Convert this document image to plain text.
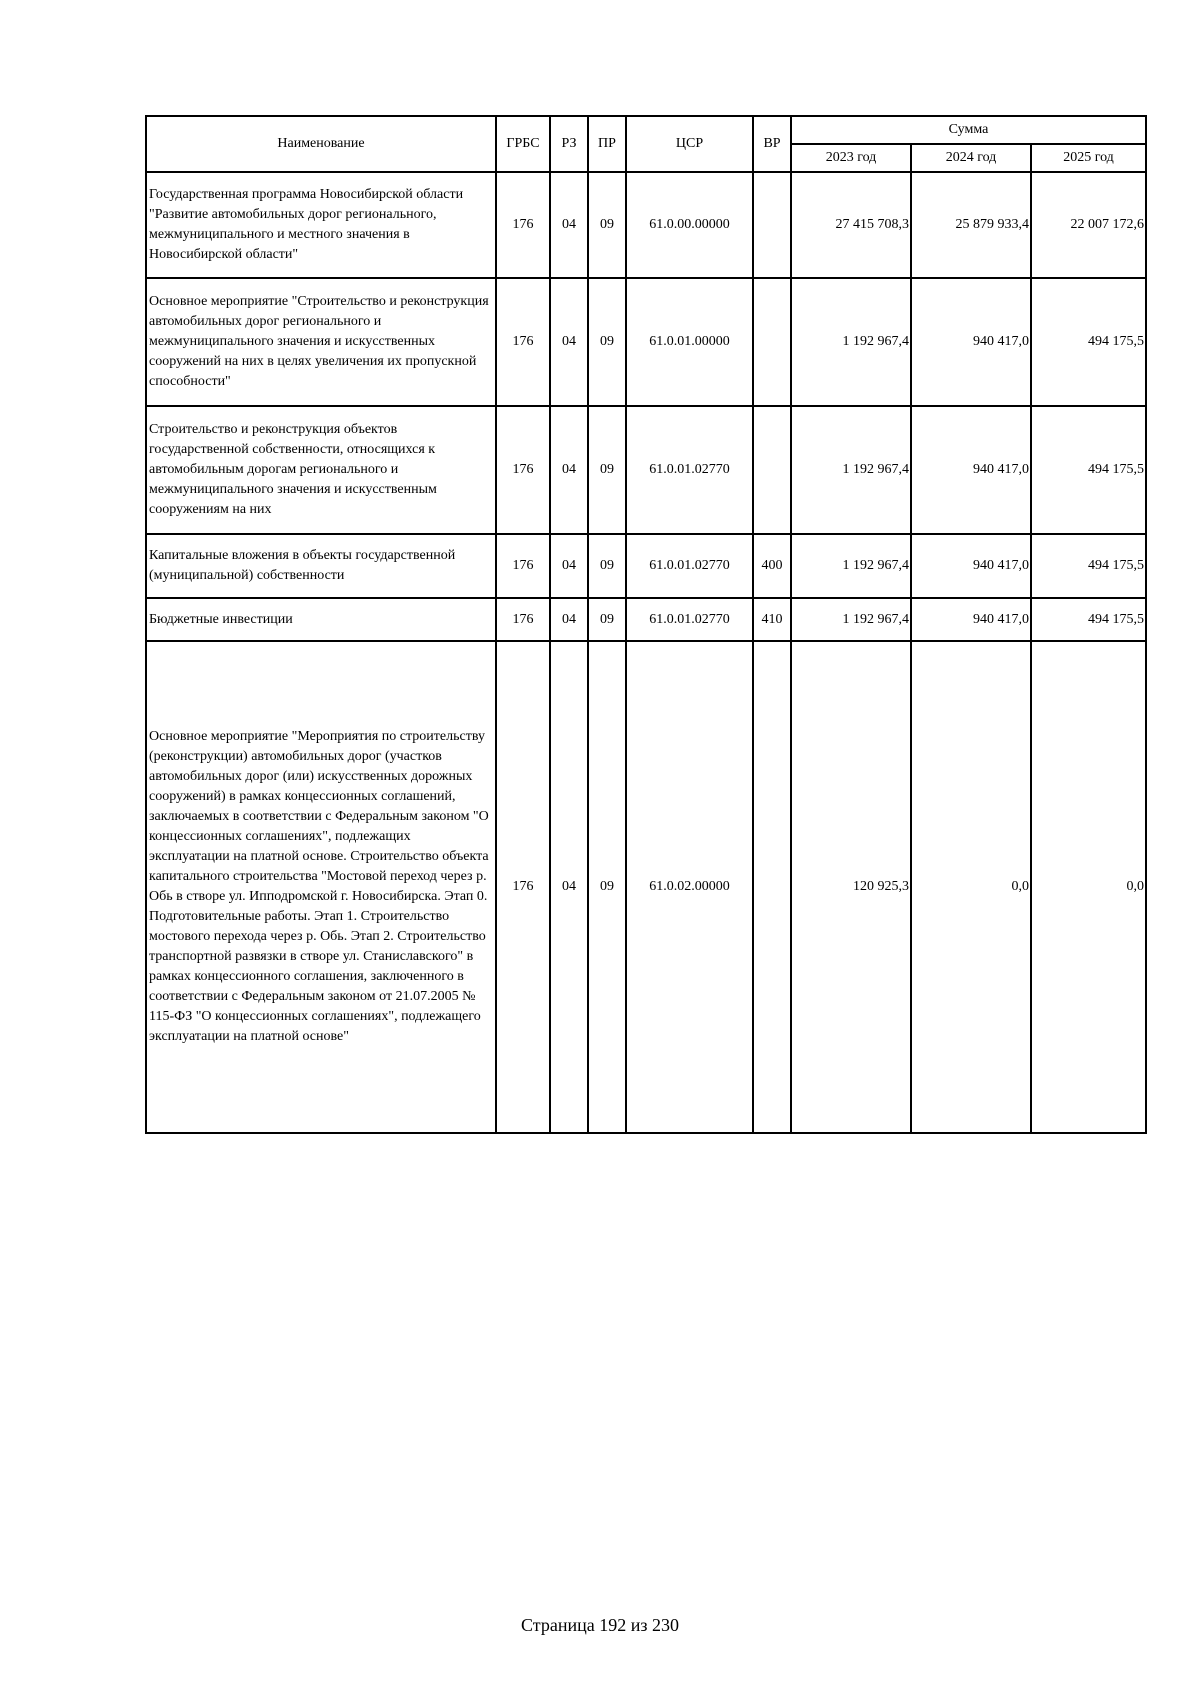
Наименование	ГРБС	РЗ	ПР	ЦСР	ВР	Сумма		
						2023 год	2024 год	2025 год
Государственная программа Новосибирской области "Развитие автомобильных дорог регионального, межмуниципального и местного значения в Новосибирской области"	176	04	09	61.0.00.00000		27 415 708,3	25 879 933,4	22 007 172,6
Основное мероприятие "Строительство и реконструкция автомобильных дорог регионального и межмуниципального значения и искусственных сооружений на них в целях увеличения их пропускной способности"	176	04	09	61.0.01.00000		1 192 967,4	940 417,0	494 175,5
Строительство и реконструкция объектов государственной собственности, относящихся к автомобильным дорогам регионального и межмуниципального значения и искусственным сооружениям на них	176	04	09	61.0.01.02770		1 192 967,4	940 417,0	494 175,5
Капитальные вложения в объекты государственной (муниципальной) собственности	176	04	09	61.0.01.02770	400	1 192 967,4	940 417,0	494 175,5
Бюджетные инвестиции	176	04	09	61.0.01.02770	410	1 192 967,4	940 417,0	494 175,5
Основное мероприятие "Мероприятия по строительству (реконструкции) автомобильных дорог (участков автомобильных дорог (или) искусственных дорожных сооружений) в рамках концессионных соглашений, заключаемых в соответствии с Федеральным законом "О концессионных соглашениях", подлежащих эксплуатации на платной основе. Строительство объекта капитального строительства "Мостовой переход через р. Обь в створе ул. Ипподромской г. Новосибирска. Этап 0. Подготовительные работы. Этап 1. Строительство мостового перехода через р. Обь. Этап 2. Строительство транспортной развязки в створе ул. Станиславского" в рамках концессионного соглашения, заключенного в соответствии с Федеральным законом от 21.07.2005 № 115-ФЗ "О концессионных соглашениях", подлежащего эксплуатации на платной основе"	176	04	09	61.0.02.00000		120 925,3	0,0	0,0
Страница 192 из 230
